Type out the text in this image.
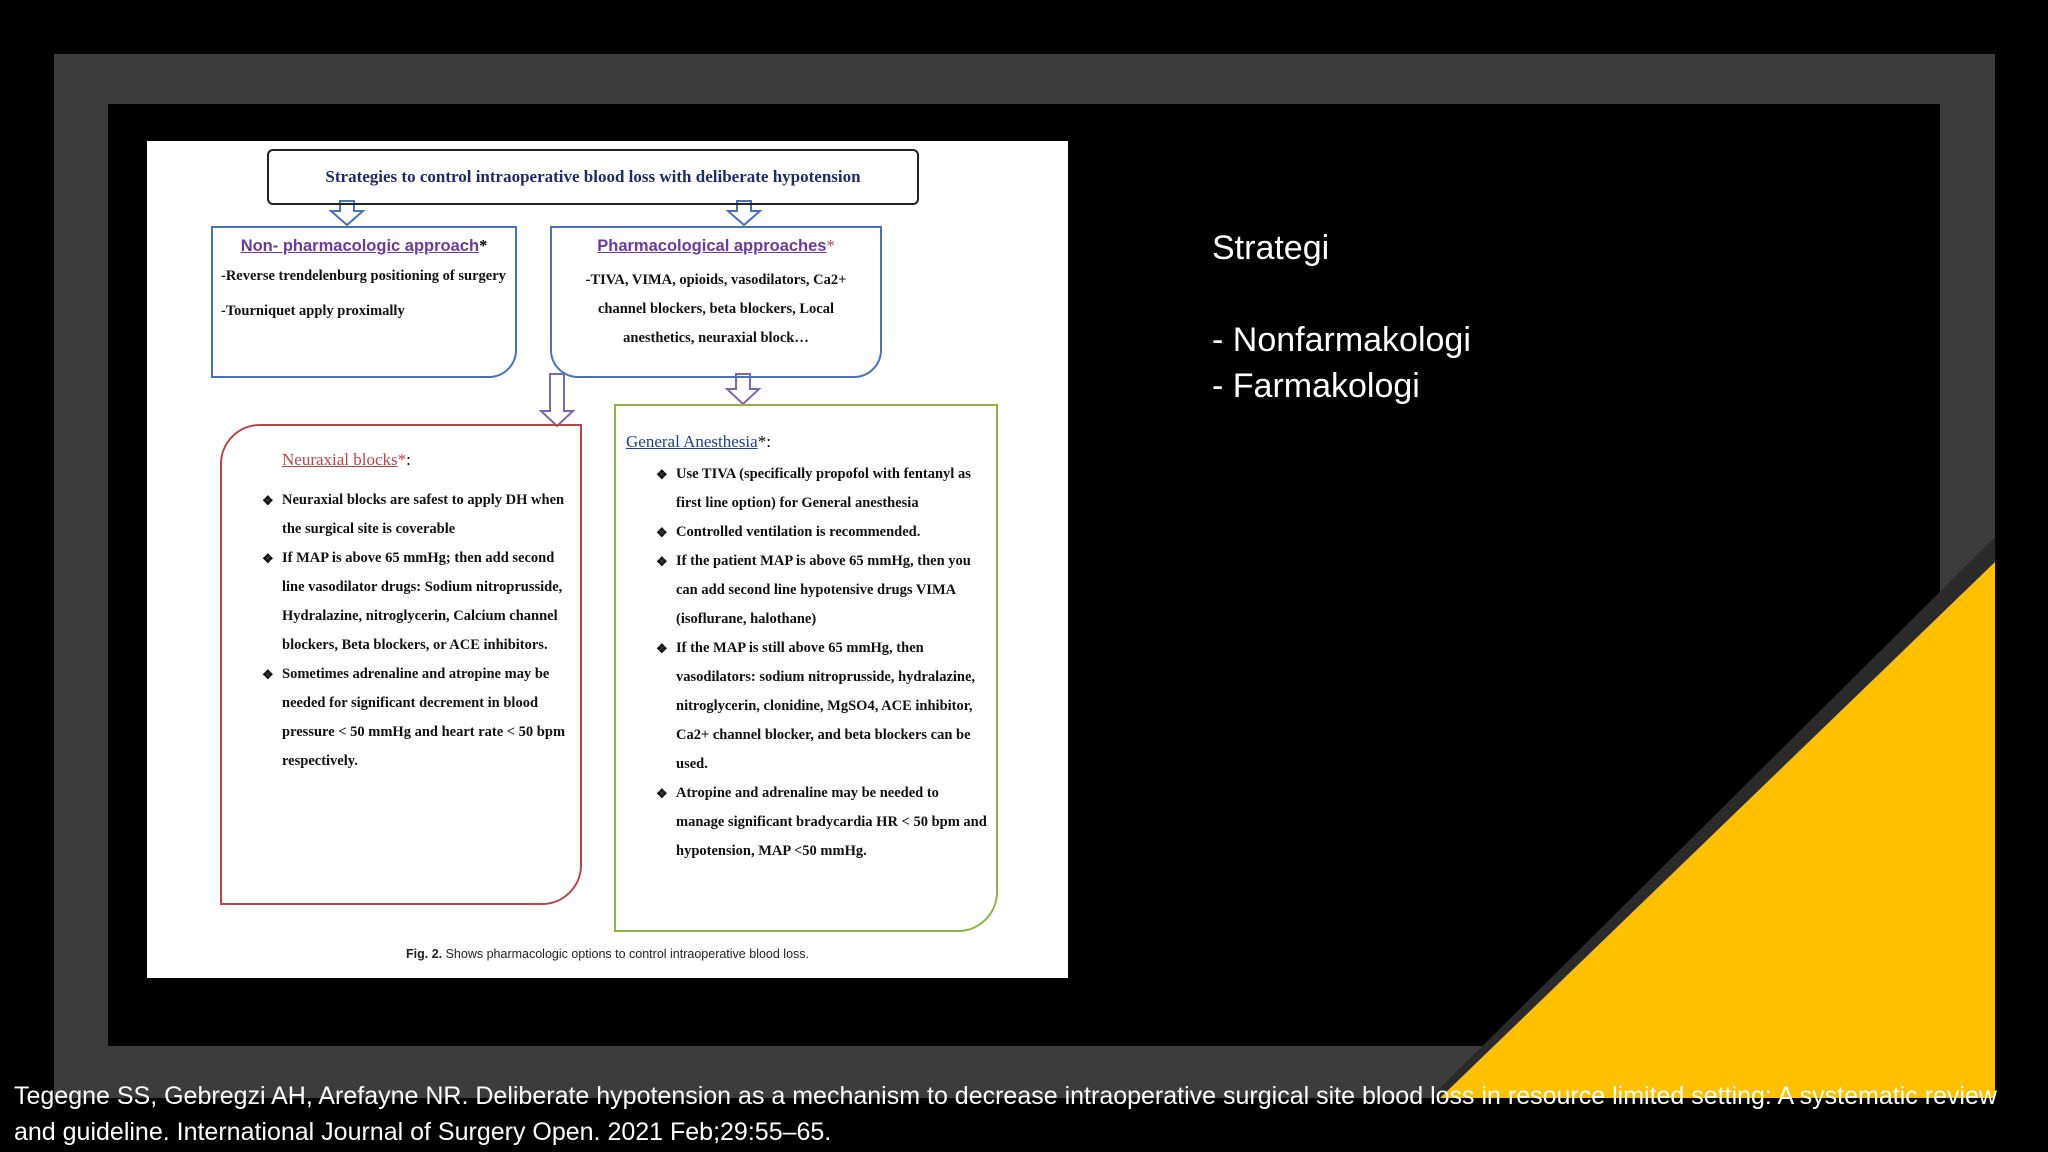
Strategies to control intraoperative blood loss with deliberate hypotension
Non- pharmacologic approach*
-Reverse trendelenburg positioning of surgery
-Tourniquet apply proximally
Pharmacological approaches*
-TIVA, VIMA, opioids, vasodilators, Ca2+ channel blockers, beta blockers, Local anesthetics, neuraxial block…
Neuraxial blocks*:
❖ Neuraxial blocks are safest to apply DH when the surgical site is coverable
❖ If MAP is above 65 mmHg; then add second line vasodilator drugs: Sodium nitroprusside, Hydralazine, nitroglycerin, Calcium channel blockers, Beta blockers, or ACE inhibitors.
❖ Sometimes adrenaline and atropine may be needed for significant decrement in blood pressure < 50 mmHg and heart rate < 50 bpm respectively.
General Anesthesia*:
❖ Use TIVA (specifically propofol with fentanyl as first line option) for General anesthesia
❖ Controlled ventilation is recommended.
❖ If the patient MAP is above 65 mmHg, then you can add second line hypotensive drugs VIMA (isoflurane, halothane)
❖ If the MAP is still above 65 mmHg, then vasodilators: sodium nitroprusside, hydralazine, nitroglycerin, clonidine, MgSO4, ACE inhibitor, Ca2+ channel blocker, and beta blockers can be used.
❖ Atropine and adrenaline may be needed to manage significant bradycardia HR < 50 bpm and hypotension, MAP <50 mmHg.
Fig. 2. Shows pharmacologic options to control intraoperative blood loss.
Strategi
- Nonfarmakologi
- Farmakologi
Tegegne SS, Gebregzi AH, Arefayne NR. Deliberate hypotension as a mechanism to decrease intraoperative surgical site blood loss in resource limited setting: A systematic review and guideline. International Journal of Surgery Open. 2021 Feb;29:55–65.
